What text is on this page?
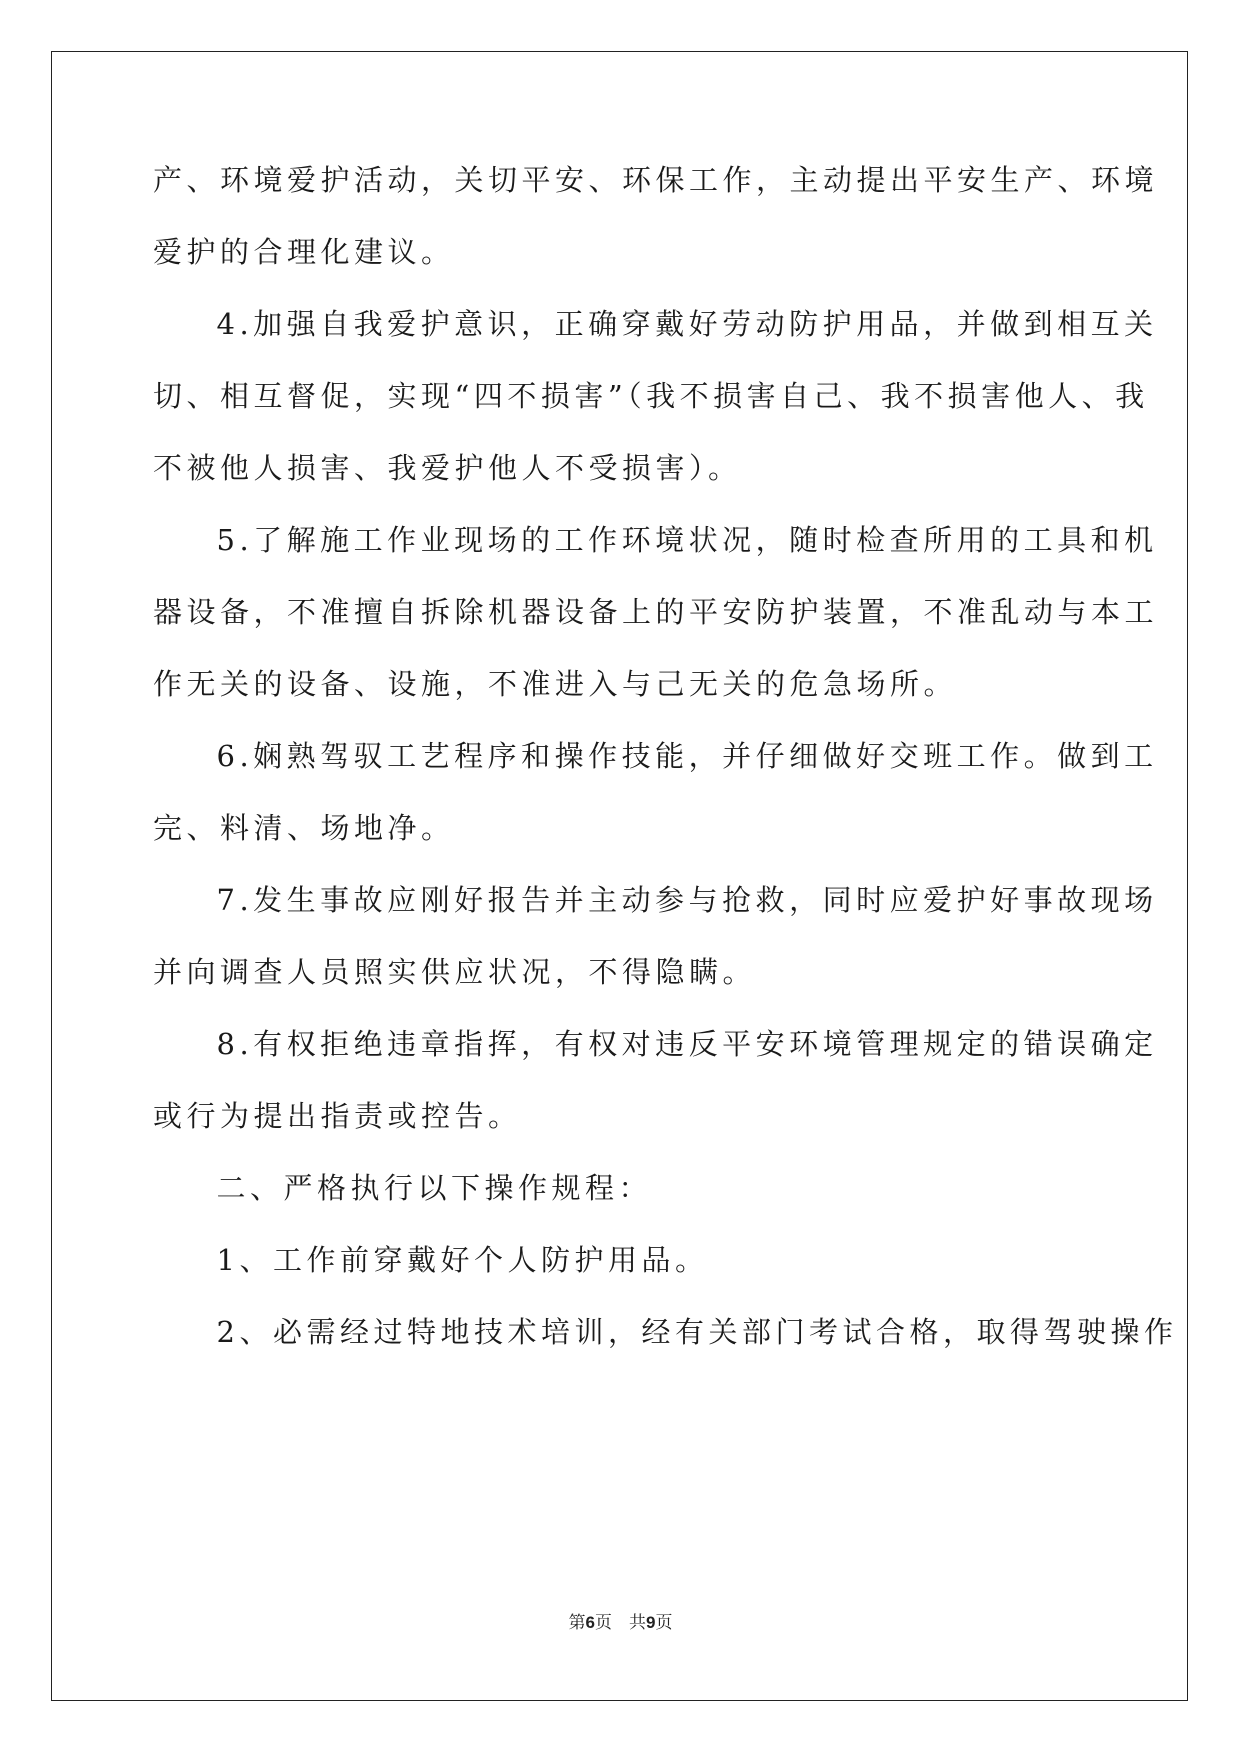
产、环境爱护活动，关切平安、环保工作，主动提出平安生产、环境
爱护的合理化建议。
　4.加强自我爱护意识，正确穿戴好劳动防护用品，并做到相互关
切、相互督促，实现“四不损害”（我不损害自己、我不损害他人、我
不被他人损害、我爱护他人不受损害）。
　5.了解施工作业现场的工作环境状况，随时检查所用的工具和机
器设备，不准擅自拆除机器设备上的平安防护装置，不准乱动与本工
作无关的设备、设施，不准进入与己无关的危急场所。
　6.娴熟驾驭工艺程序和操作技能，并仔细做好交班工作。做到工
完、料清、场地净。
　7.发生事故应刚好报告并主动参与抢救，同时应爱护好事故现场
并向调查人员照实供应状况，不得隐瞒。
　8.有权拒绝违章指挥，有权对违反平安环境管理规定的错误确定
或行为提出指责或控告。
　二、严格执行以下操作规程：
　1、工作前穿戴好个人防护用品。
　2、必需经过特地技术培训，经有关部门考试合格，取得驾驶操作
第6页　共9页
